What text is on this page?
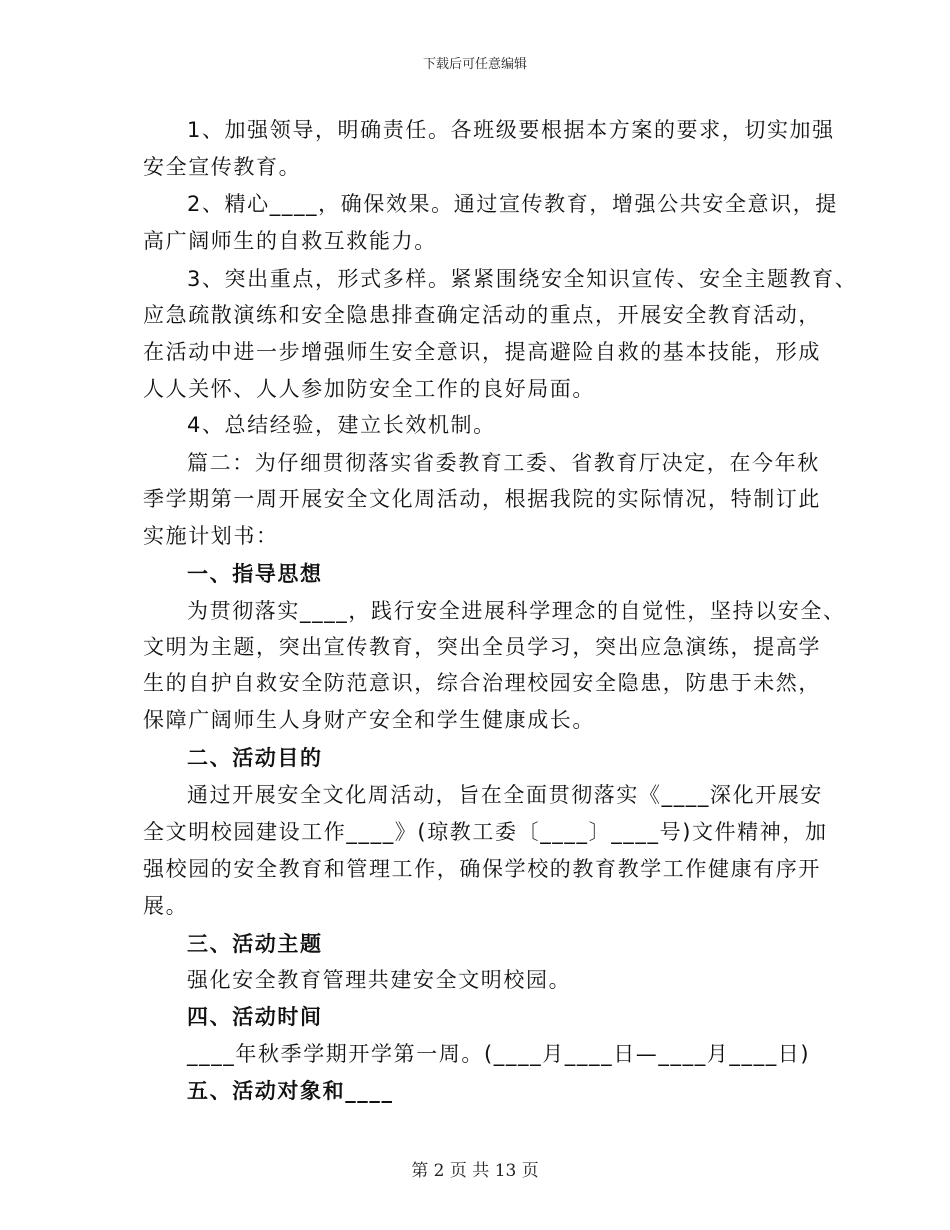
下载后可任意编辑
1、加强领导，明确责任。各班级要根据本方案的要求，切实加强
安全宣传教育。
2、精心____，确保效果。通过宣传教育，增强公共安全意识，提
高广阔师生的自救互救能力。
3、突出重点，形式多样。紧紧围绕安全知识宣传、安全主题教育、
应急疏散演练和安全隐患排查确定活动的重点，开展安全教育活动，
在活动中进一步增强师生安全意识，提高避险自救的基本技能，形成
人人关怀、人人参加防安全工作的良好局面。
4、总结经验，建立长效机制。
篇二：为仔细贯彻落实省委教育工委、省教育厅决定，在今年秋
季学期第一周开展安全文化周活动，根据我院的实际情况，特制订此
实施计划书：
一、指导思想
为贯彻落实____，践行安全进展科学理念的自觉性，坚持以安全、
文明为主题，突出宣传教育，突出全员学习，突出应急演练，提高学
生的自护自救安全防范意识，综合治理校园安全隐患，防患于未然，
保障广阔师生人身财产安全和学生健康成长。
二、活动目的
通过开展安全文化周活动，旨在全面贯彻落实《____深化开展安
全文明校园建设工作____》(琼教工委〔____〕____号)文件精神，加
强校园的安全教育和管理工作，确保学校的教育教学工作健康有序开
展。
三、活动主题
强化安全教育管理共建安全文明校园。
四、活动时间
____年秋季学期开学第一周。(____月____日—____月____日)
五、活动对象和____
第 2 页 共 13 页
